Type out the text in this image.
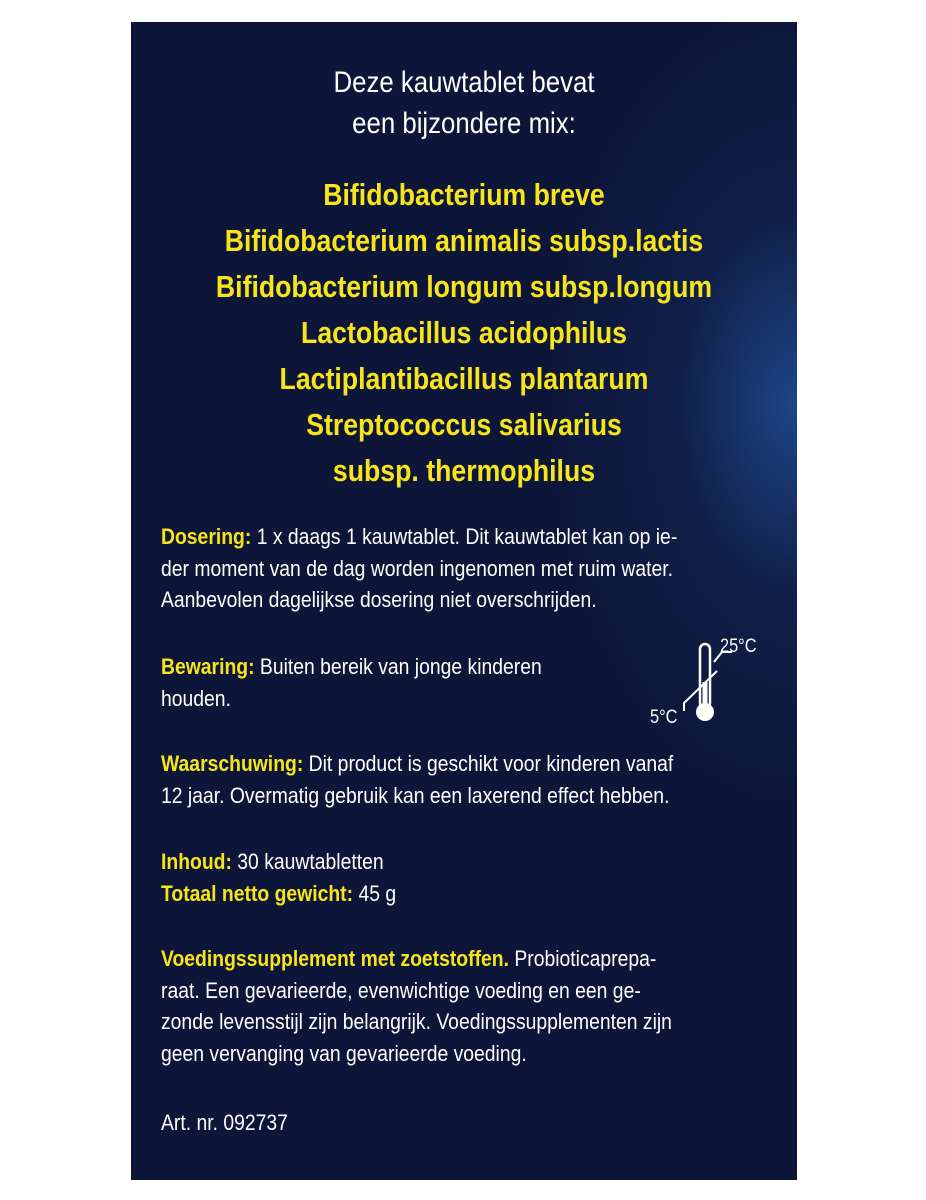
Deze kauwtablet bevat
een bijzondere mix:
Bifidobacterium breve
Bifidobacterium animalis subsp.lactis
Bifidobacterium longum subsp.longum
Lactobacillus acidophilus
Lactiplantibacillus plantarum
Streptococcus salivarius
subsp. thermophilus
Dosering: 1 x daags 1 kauwtablet. Dit kauwtablet kan op ie-
der moment van de dag worden ingenomen met ruim water.
Aanbevolen dagelijkse dosering niet overschrijden.
Bewaring: Buiten bereik van jonge kinderen
houden.
25°C
5°C
Waarschuwing: Dit product is geschikt voor kinderen vanaf
12 jaar. Overmatig gebruik kan een laxerend effect hebben.
Inhoud: 30 kauwtabletten
Totaal netto gewicht: 45 g
Voedingssupplement met zoetstoffen. Probioticaprepa-
raat. Een gevarieerde, evenwichtige voeding en een ge-
zonde levensstijl zijn belangrijk. Voedingssupplementen zijn
geen vervanging van gevarieerde voeding.
Art. nr. 092737
